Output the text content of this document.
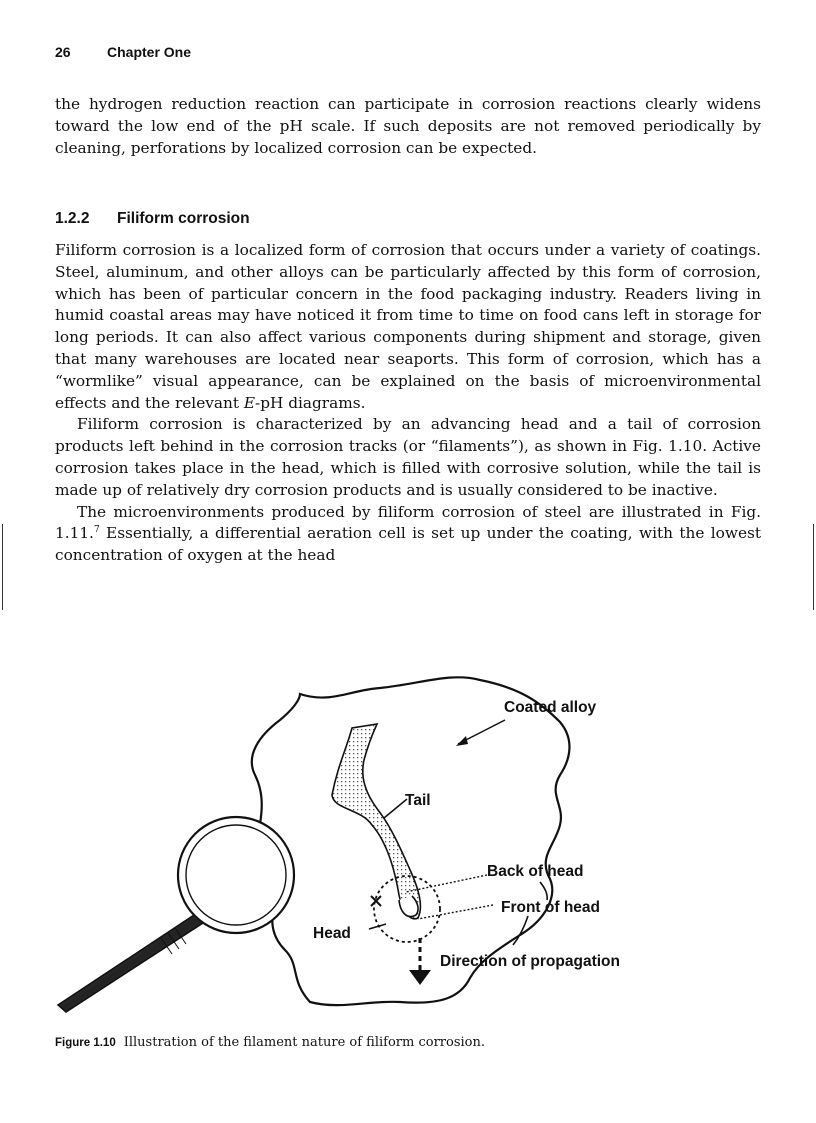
26	Chapter One

the hydrogen reduction reaction can participate in corrosion reactions clearly widens toward the low end of the pH scale. If such deposits are not removed periodically by cleaning, perforations by localized corrosion can be expected.

1.2.2 Filiform corrosion

Filiform corrosion is a localized form of corrosion that occurs under a variety of coatings. Steel, aluminum, and other alloys can be particularly affected by this form of corrosion, which has been of particular concern in the food packaging industry. Readers living in humid coastal areas may have noticed it from time to time on food cans left in storage for long periods. It can also affect various components during shipment and storage, given that many warehouses are located near seaports. This form of corrosion, which has a “wormlike” visual appearance, can be explained on the basis of microenvironmental effects and the relevant E-pH diagrams.

Filiform corrosion is characterized by an advancing head and a tail of corrosion products left behind in the corrosion tracks (or “filaments”), as shown in Fig. 1.10. Active corrosion takes place in the head, which is filled with corrosive solution, while the tail is made up of relatively dry corrosion products and is usually considered to be inactive.

The microenvironments produced by filiform corrosion of steel are illustrated in Fig. 1.11.$^7$ Essentially, a differential aeration cell is set up under the coating, with the lowest concentration of oxygen at the head

Coated alloy
Tail
Back of head
Front of head
Head
Direction of propagation
Figure 1.10 Illustration of the filament nature of filiform corrosion.
